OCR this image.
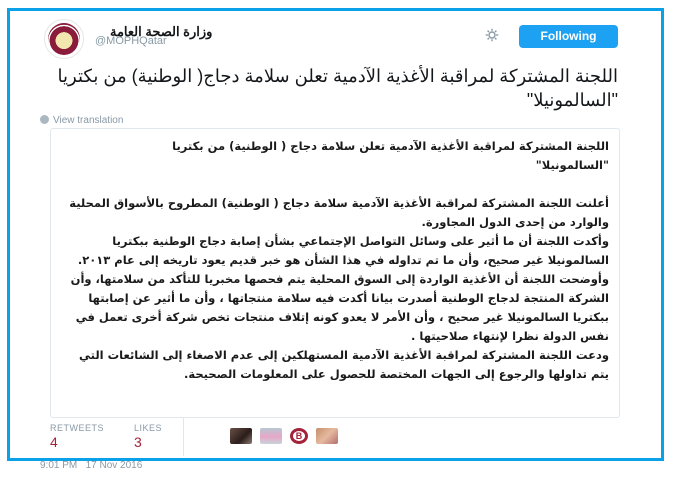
وزارة الصحة العامة
@MOPHQatar	Following
اللجنة المشتركة لمراقبة الأغذية الآدمية تعلن سلامة دجاج( الوطنية) من بكتريا "السالمونيلا"
View translation

اللجنة المشتركة لمراقبة الأغذية الآدمية تعلن سلامة دجاج ( الوطنية) من بكتريا

"السالمونيلا"

أعلنت اللجنة المشتركة لمراقبة الأغذية الآدمية سلامة دجاج ( الوطنية) المطروح بالأسواق المحلية والوارد من إحدى الدول المجاورة.

وأكدت اللجنة أن ما أثير على وسائل التواصل الإجتماعي بشأن إصابة دجاج الوطنية ببكتريا السالمونيلا غير صحيح، وأن ما تم تداوله في هذا الشأن هو خبر قديم يعود تاريخه إلى عام ٢٠١٣.

وأوضحت اللجنة أن الأغذية الواردة إلى السوق المحلية يتم فحصها مخبريا للتأكد من سلامتها، وأن الشركة المنتجة لدجاج الوطنية أصدرت بيانا أكدت فيه سلامة منتجاتها ، وأن ما أثير عن إصابتها ببكتريا السالمونيلا غير صحيح ، وأن الأمر لا يعدو كونه إتلاف منتجات تخص شركة أخرى تعمل في نفس الدولة نظرا لإنتهاء صلاحيتها .

ودعت اللجنة المشتركة لمراقبة الأغذية الآدمية المستهلكين إلى عدم الاصغاء إلى الشائعات التي يتم تداولها والرجوع إلى الجهات المختصة للحصول على المعلومات الصحيحة.

RETWEETS
4
LIKES
3	B
9:01 PM 17 Nov 2016
